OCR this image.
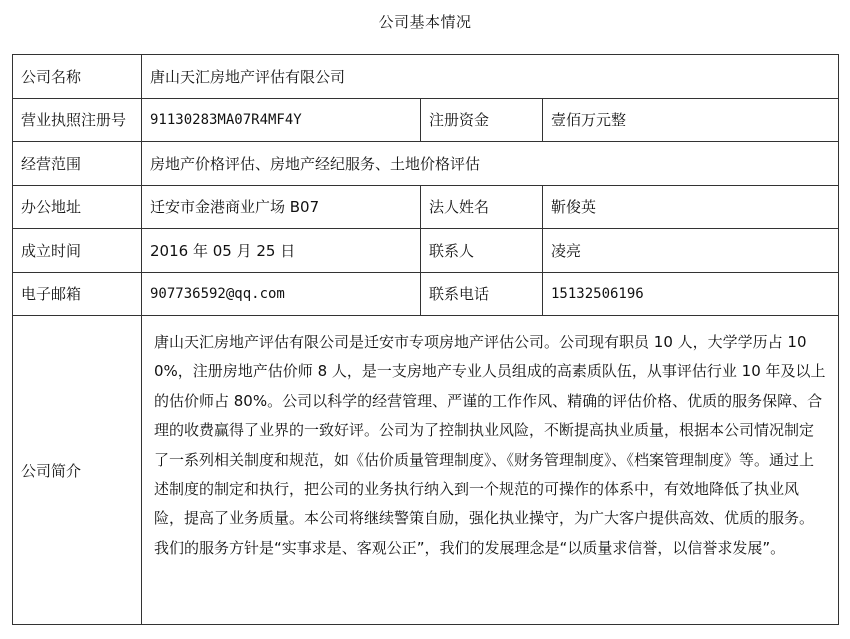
公司基本情况
公司名称	唐山天汇房地产评估有限公司		
营业执照注册号	91130283MA07R4MF4Y	注册资金	壹佰万元整
经营范围	房地产价格评估、房地产经纪服务、土地价格评估		
办公地址	迁安市金港商业广场 B07	法人姓名	靳俊英
成立时间	2016 年 05 月 25 日	联系人	凌亮
电子邮箱	907736592@qq.com	联系电话	15132506196
公司简介	唐山天汇房地产评估有限公司是迁安市专项房地产评估公司。公司现有职员 10 人，大学学历占 100%，注册房地产估价师 8 人，是一支房地产专业人员组成的高素质队伍，从事评估行业 10 年及以上的估价师占 80%。公司以科学的经营管理、严谨的工作作风、精确的评估价格、优质的服务保障、合理的收费赢得了业界的一致好评。公司为了控制执业风险，不断提高执业质量，根据本公司情况制定了一系列相关制度和规范，如《估价质量管理制度》、《财务管理制度》、《档案管理制度》等。通过上述制度的制定和执行，把公司的业务执行纳入到一个规范的可操作的体系中，有效地降低了执业风险，提高了业务质量。本公司将继续警策自励，强化执业操守，为广大客户提供高效、优质的服务。我们的服务方针是“实事求是、客观公正”，我们的发展理念是“以质量求信誉，以信誉求发展”。		
